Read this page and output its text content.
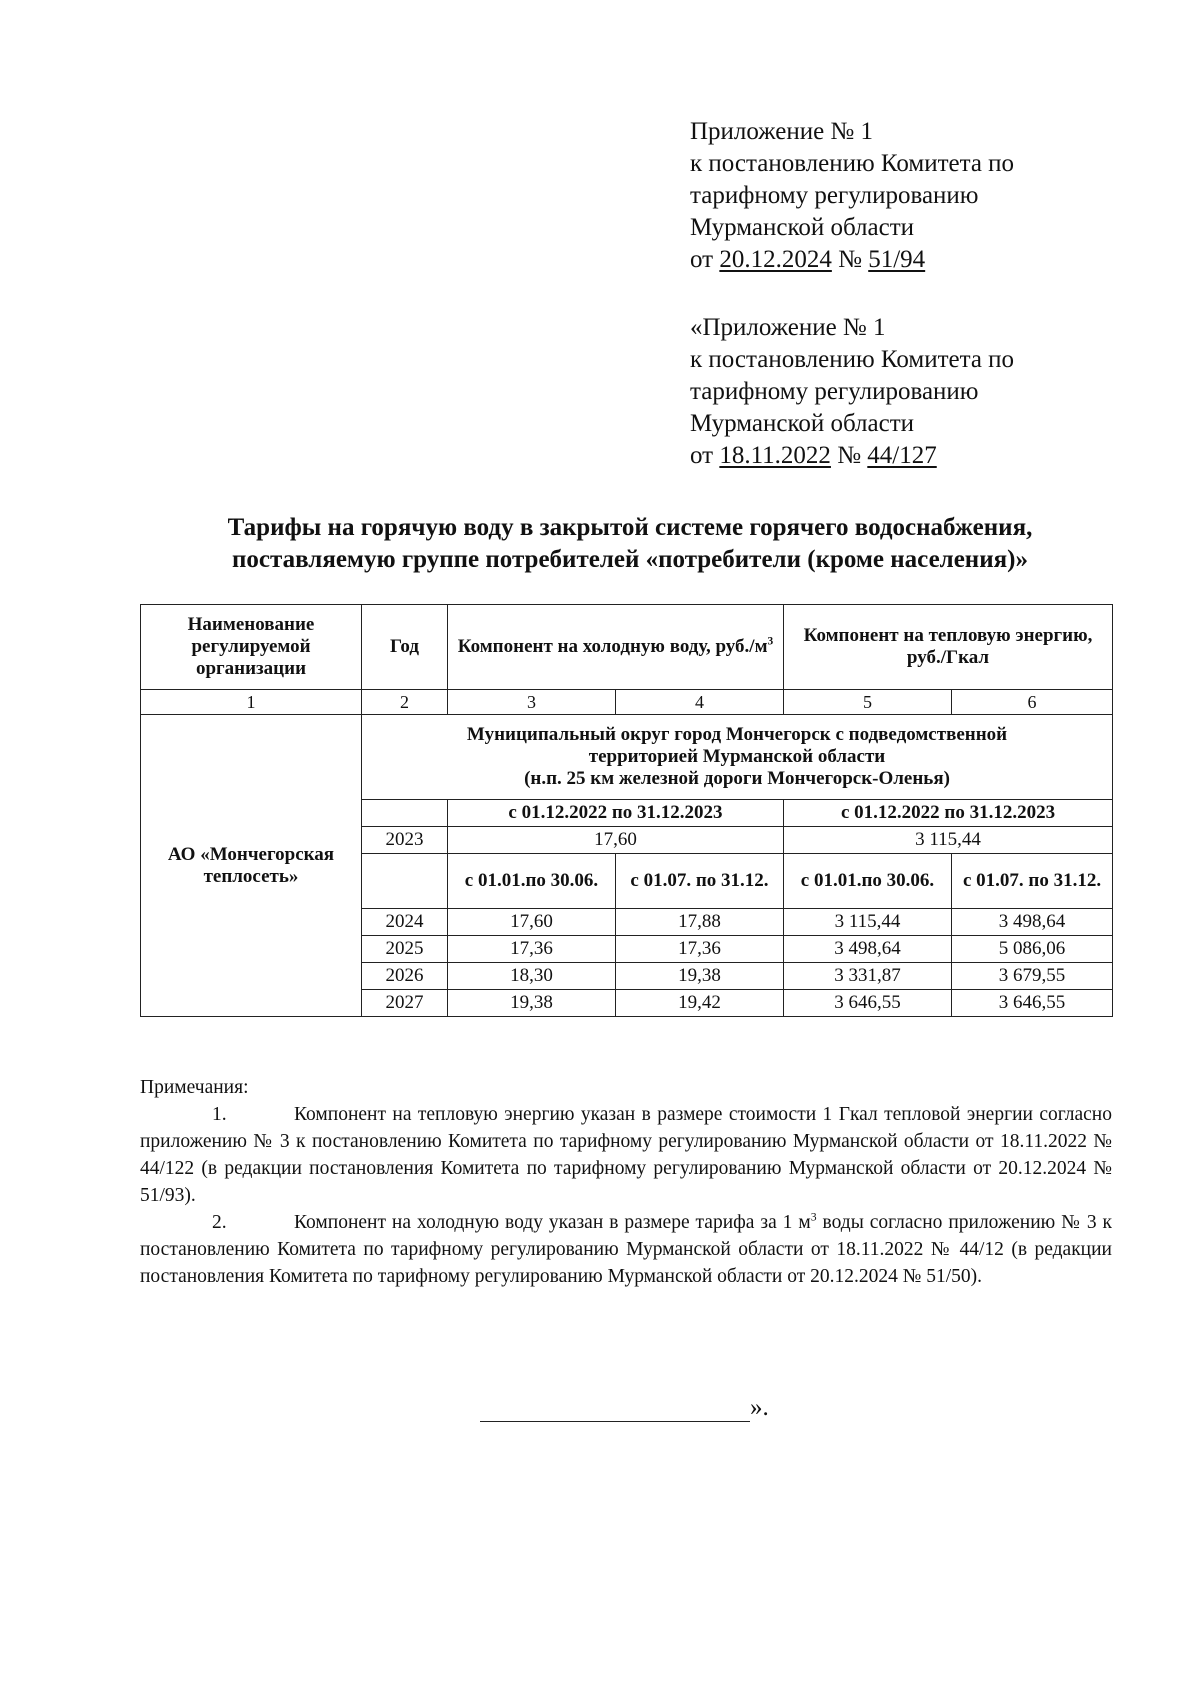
Приложение № 1
к постановлению Комитета по
тарифному регулированию
Мурманской области
от 20.12.2024 № 51/94
«Приложение № 1
к постановлению Комитета по
тарифному регулированию
Мурманской области
от 18.11.2022 № 44/127
Тарифы на горячую воду в закрытой системе горячего водоснабжения,
поставляемую группе потребителей «потребители (кроме населения)»
Наименование регулируемой организации	Год	Компонент на холодную воду, $руб./м^3$		Компонент на тепловую энергию, руб./Гкал	
1	2	3	4	5	6
АО «Мончегорская теплосеть»	Муниципальный округ город Мончегорск с подведомственной
территорией Мурманской области
(н.п. 25 км железной дороги Мончегорск-Оленья)				

		с 01.12.2022 по 31.12.2023		с 01.12.2022 по 31.12.2023	
	2023	17,60		3 115,44	
		с 01.01.по 30.06.	с 01.07. по 31.12.	с 01.01.по 30.06.	с 01.07. по 31.12.
	2024	17,60	17,88	3 115,44	3 498,64
	2025	17,36	17,36	3 498,64	5 086,06
	2026	18,30	19,38	3 331,87	3 679,55
	2027	19,38	19,42	3 646,55	3 646,55

Примечания:

1.	Компонент на тепловую энергию указан в размере стоимости 1 Гкал тепловой энергии согласно приложению № 3 к постановлению Комитета по тарифному регулированию Мурманской области от 18.11.2022 № 44/122 (в редакции постановления Комитета по тарифному регулированию Мурманской области от 20.12.2024 № 51/93).

2.	Компонент на холодную воду указан в размере тарифа за 1 $м^3$ воды согласно приложению № 3 к постановлению Комитета по тарифному регулированию Мурманской области от 18.11.2022 № 44/12 (в редакции постановления Комитета по тарифному регулированию Мурманской области от 20.12.2024 № 51/50).

».
